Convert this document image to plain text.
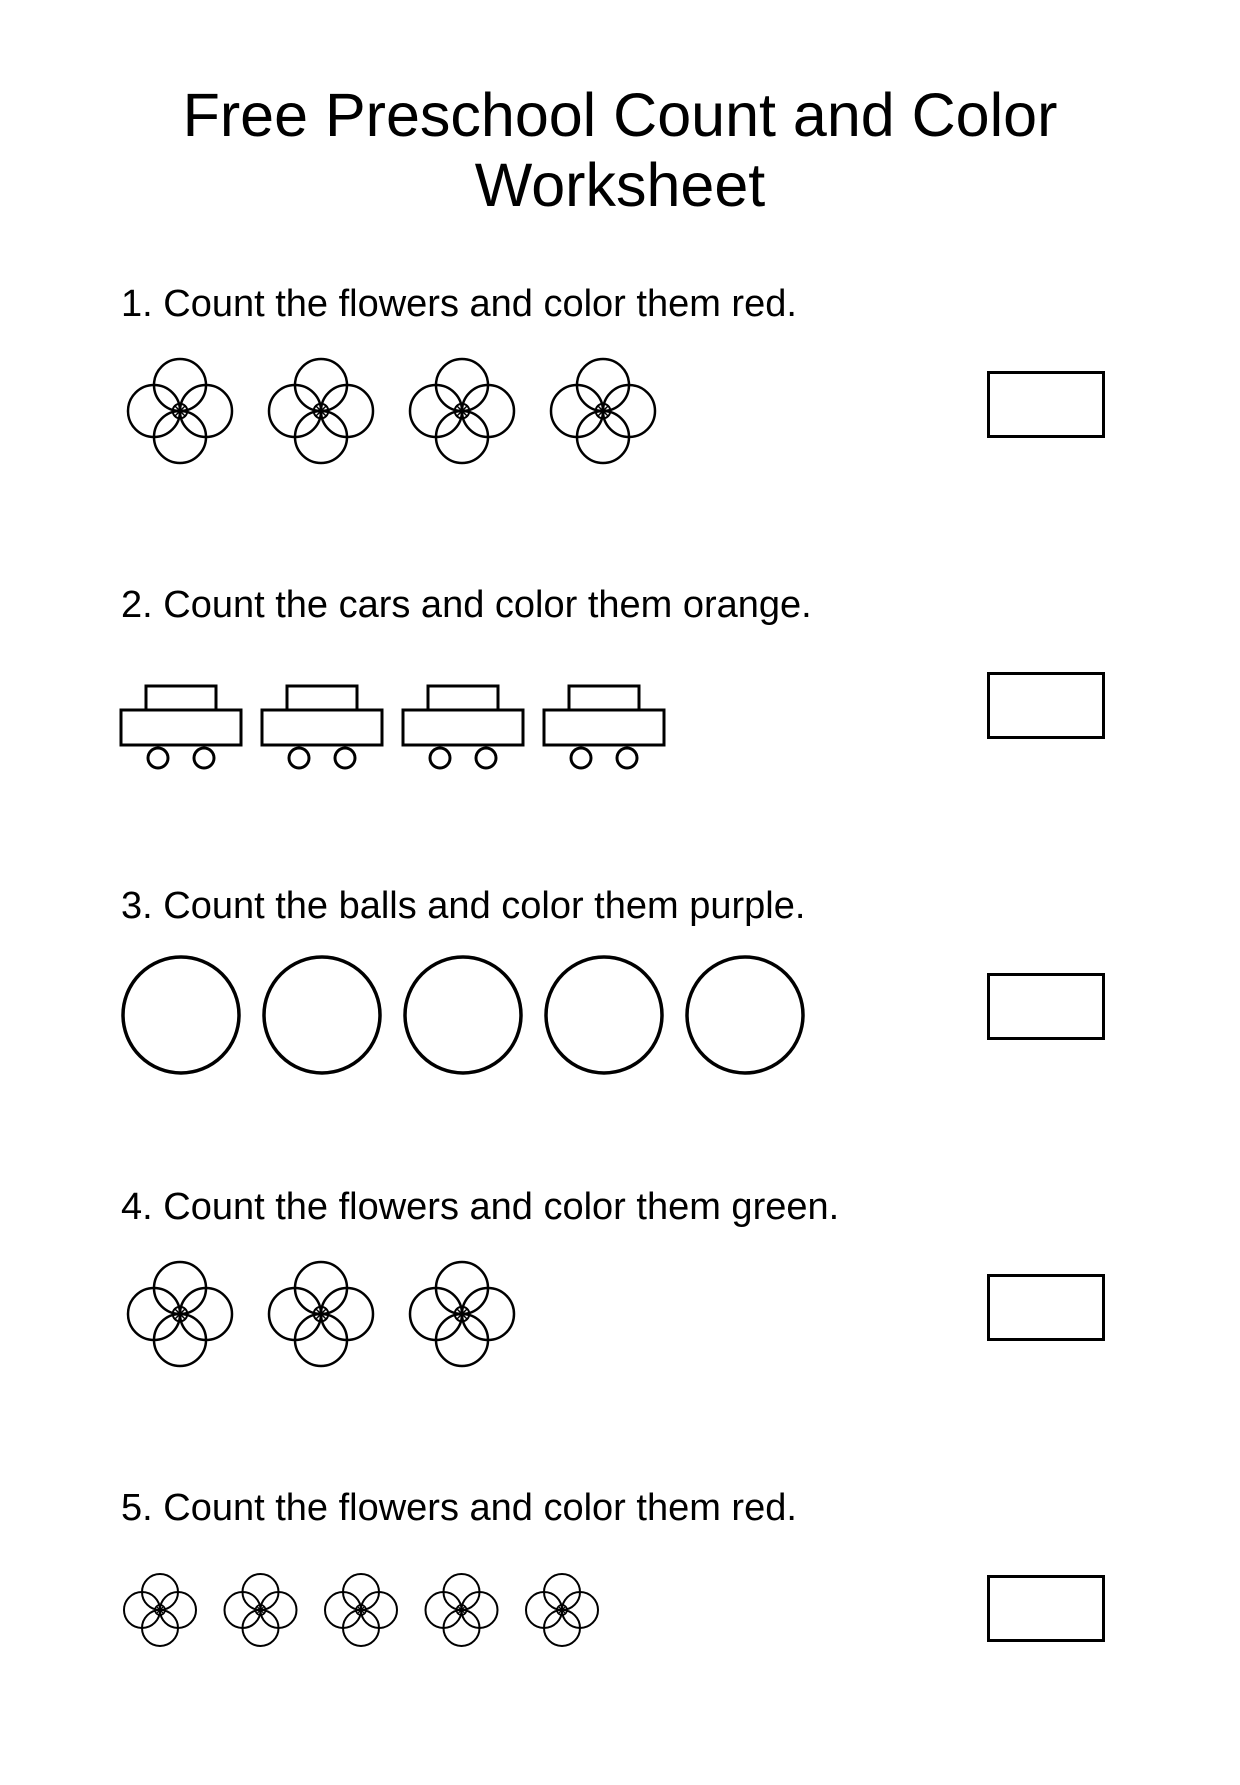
Free Preschool Count and Color
Worksheet

1. Count the flowers and color them red.

2. Count the cars and color them orange.

3. Count the balls and color them purple.

4. Count the flowers and color them green.

5. Count the flowers and color them red.
